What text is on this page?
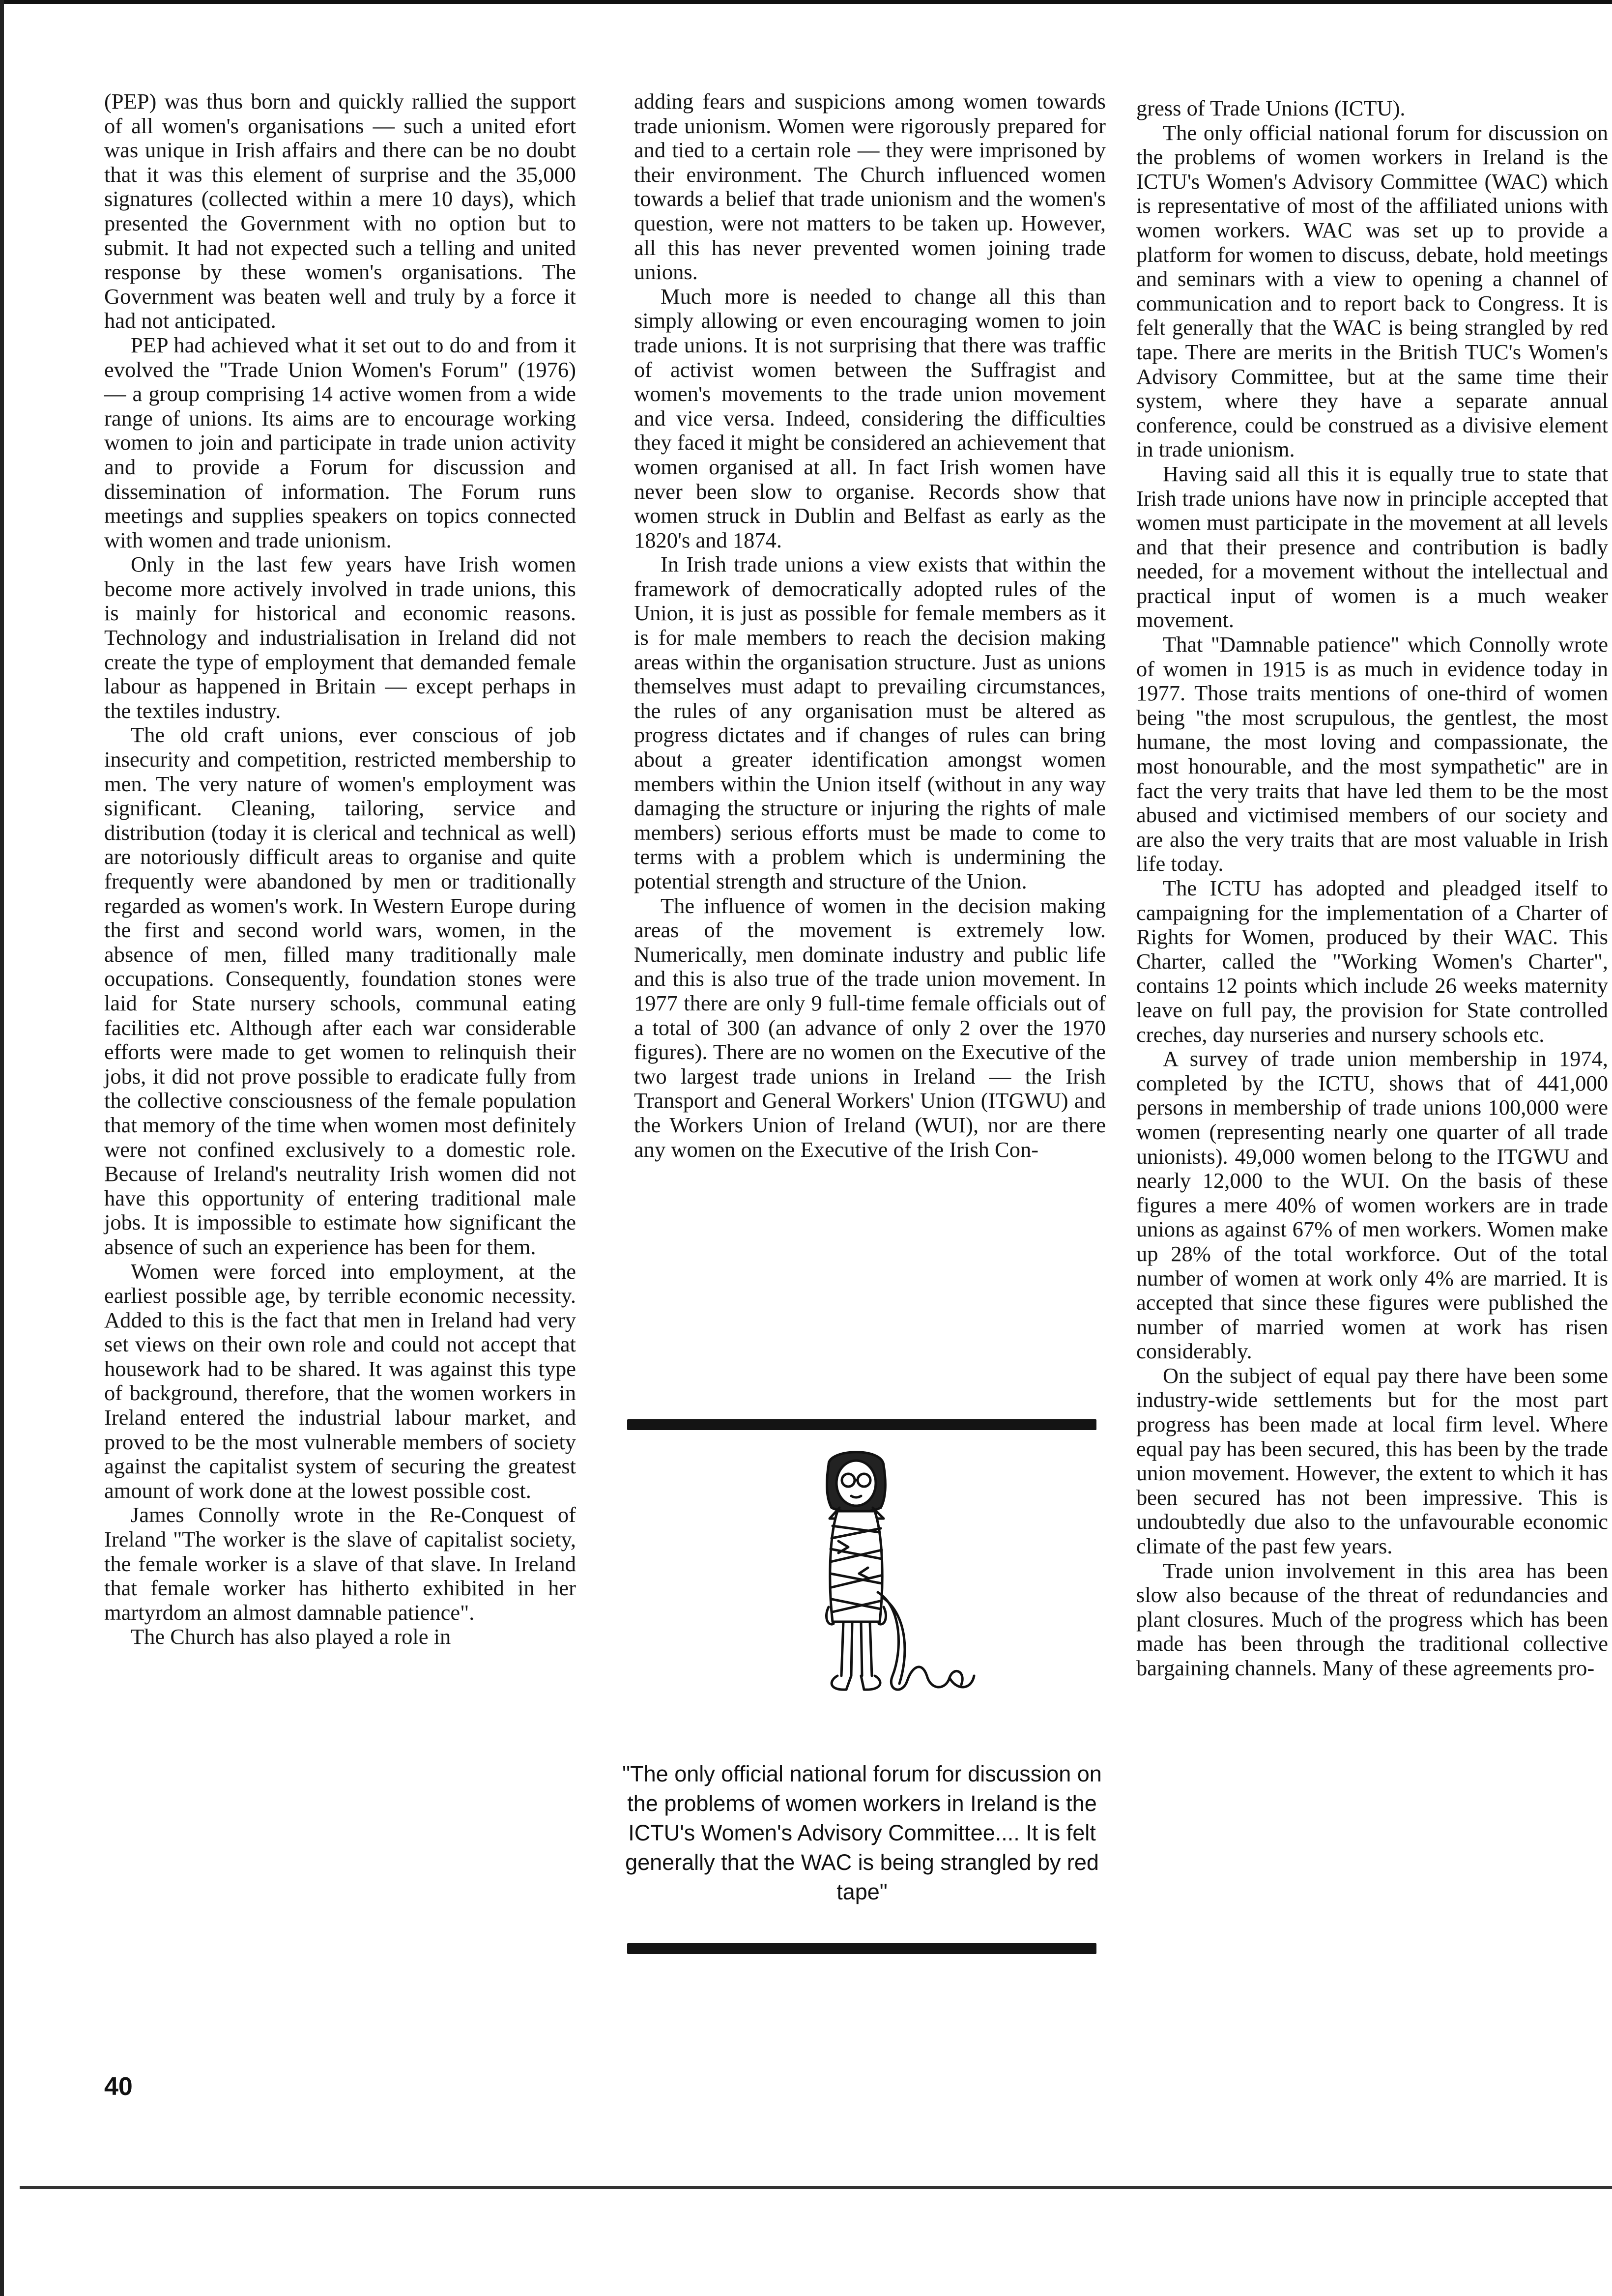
(PEP) was thus born and quickly rallied the support of all women's organisations — such a united efort was unique in Irish affairs and there can be no doubt that it was this element of surprise and the 35,000 signatures (collected within a mere 10 days), which presented the Government with no option but to submit. It had not expected such a telling and united response by these women's organisations. The Government was beaten well and truly by a force it had not anticipated.

PEP had achieved what it set out to do and from it evolved the "Trade Union Women's Forum" (1976) — a group comprising 14 active women from a wide range of unions. Its aims are to encourage working women to join and participate in trade union activity and to provide a Forum for discussion and dissemination of information. The Forum runs meetings and supplies speakers on topics connected with women and trade unionism.

Only in the last few years have Irish women become more actively involved in trade unions, this is mainly for historical and economic reasons. Technology and industrialisation in Ireland did not create the type of employment that demanded female labour as happened in Britain — except perhaps in the textiles industry.

The old craft unions, ever conscious of job insecurity and competition, restricted membership to men. The very nature of women's employment was significant. Cleaning, tailoring, service and distribution (today it is clerical and technical as well) are notoriously difficult areas to organise and quite frequently were abandoned by men or traditionally regarded as women's work. In Western Europe during the first and second world wars, women, in the absence of men, filled many traditionally male occupations. Consequently, foundation stones were laid for State nursery schools, communal eating facilities etc. Although after each war considerable efforts were made to get women to relinquish their jobs, it did not prove possible to eradicate fully from the collective consciousness of the female population that memory of the time when women most definitely were not confined exclusively to a domestic role. Because of Ireland's neutrality Irish women did not have this opportunity of entering traditional male jobs. It is impossible to estimate how significant the absence of such an experience has been for them.

Women were forced into employment, at the earliest possible age, by terrible economic necessity. Added to this is the fact that men in Ireland had very set views on their own role and could not accept that housework had to be shared. It was against this type of background, therefore, that the women workers in Ireland entered the industrial labour market, and proved to be the most vulnerable members of society against the capitalist system of securing the greatest amount of work done at the lowest possible cost.

James Connolly wrote in the Re-Conquest of Ireland "The worker is the slave of capitalist society, the female worker is a slave of that slave. In Ireland that female worker has hitherto exhibited in her martyrdom an almost damnable patience".

The Church has also played a role in

adding fears and suspicions among women towards trade unionism. Women were rigorously prepared for and tied to a certain role — they were imprisoned by their environment. The Church influenced women towards a belief that trade unionism and the women's question, were not matters to be taken up. However, all this has never prevented women joining trade unions.

Much more is needed to change all this than simply allowing or even encouraging women to join trade unions. It is not surprising that there was traffic of activist women between the Suffragist and women's movements to the trade union movement and vice versa. Indeed, considering the difficulties they faced it might be considered an achievement that women organised at all. In fact Irish women have never been slow to organise. Records show that women struck in Dublin and Belfast as early as the 1820's and 1874.

In Irish trade unions a view exists that within the framework of democratically adopted rules of the Union, it is just as possible for female members as it is for male members to reach the decision making areas within the organisation structure. Just as unions themselves must adapt to prevailing circumstances, the rules of any organisation must be altered as progress dictates and if changes of rules can bring about a greater identification amongst women members within the Union itself (without in any way damaging the structure or injuring the rights of male members) serious efforts must be made to come to terms with a problem which is undermining the potential strength and structure of the Union.

The influence of women in the decision making areas of the movement is extremely low. Numerically, men dominate industry and public life and this is also true of the trade union movement. In 1977 there are only 9 full-time female officials out of a total of 300 (an advance of only 2 over the 1970 figures). There are no women on the Executive of the two largest trade unions in Ireland — the Irish Transport and General Workers' Union (ITGWU) and the Workers Union of Ireland (WUI), nor are there any women on the Executive of the Irish Con-

gress of Trade Unions (ICTU).

The only official national forum for discussion on the problems of women workers in Ireland is the ICTU's Women's Advisory Committee (WAC) which is representative of most of the affiliated unions with women workers. WAC was set up to provide a platform for women to discuss, debate, hold meetings and seminars with a view to opening a channel of communication and to report back to Congress. It is felt generally that the WAC is being strangled by red tape. There are merits in the British TUC's Women's Advisory Committee, but at the same time their system, where they have a separate annual conference, could be construed as a divisive element in trade unionism.

Having said all this it is equally true to state that Irish trade unions have now in principle accepted that women must participate in the movement at all levels and that their presence and contribution is badly needed, for a movement without the intellectual and practical input of women is a much weaker movement.

That "Damnable patience" which Connolly wrote of women in 1915 is as much in evidence today in 1977. Those traits mentions of one-third of women being "the most scrupulous, the gentlest, the most humane, the most loving and compassionate, the most honourable, and the most sympathetic" are in fact the very traits that have led them to be the most abused and victimised members of our society and are also the very traits that are most valuable in Irish life today.

The ICTU has adopted and pleadged itself to campaigning for the implementation of a Charter of Rights for Women, produced by their WAC. This Charter, called the "Working Women's Charter", contains 12 points which include 26 weeks maternity leave on full pay, the provision for State controlled creches, day nurseries and nursery schools etc.

A survey of trade union membership in 1974, completed by the ICTU, shows that of 441,000 persons in membership of trade unions 100,000 were women (representing nearly one quarter of all trade unionists). 49,000 women belong to the ITGWU and nearly 12,000 to the WUI. On the basis of these figures a mere 40% of women workers are in trade unions as against 67% of men workers. Women make up 28% of the total workforce. Out of the total number of women at work only 4% are married. It is accepted that since these figures were published the number of married women at work has risen considerably.

On the subject of equal pay there have been some industry-wide settlements but for the most part progress has been made at local firm level. Where equal pay has been secured, this has been by the trade union movement. However, the extent to which it has been secured has not been impressive. This is undoubtedly due also to the unfavourable economic climate of the past few years.

Trade union involvement in this area has been slow also because of the threat of redundancies and plant closures. Much of the progress which has been made has been through the traditional collective bargaining channels. Many of these agreements pro-

"The only official national forum for discussion on the problems of women workers in Ireland is the ICTU's Women's Advisory Committee.... It is felt generally that the WAC is being strangled by red tape"
40
